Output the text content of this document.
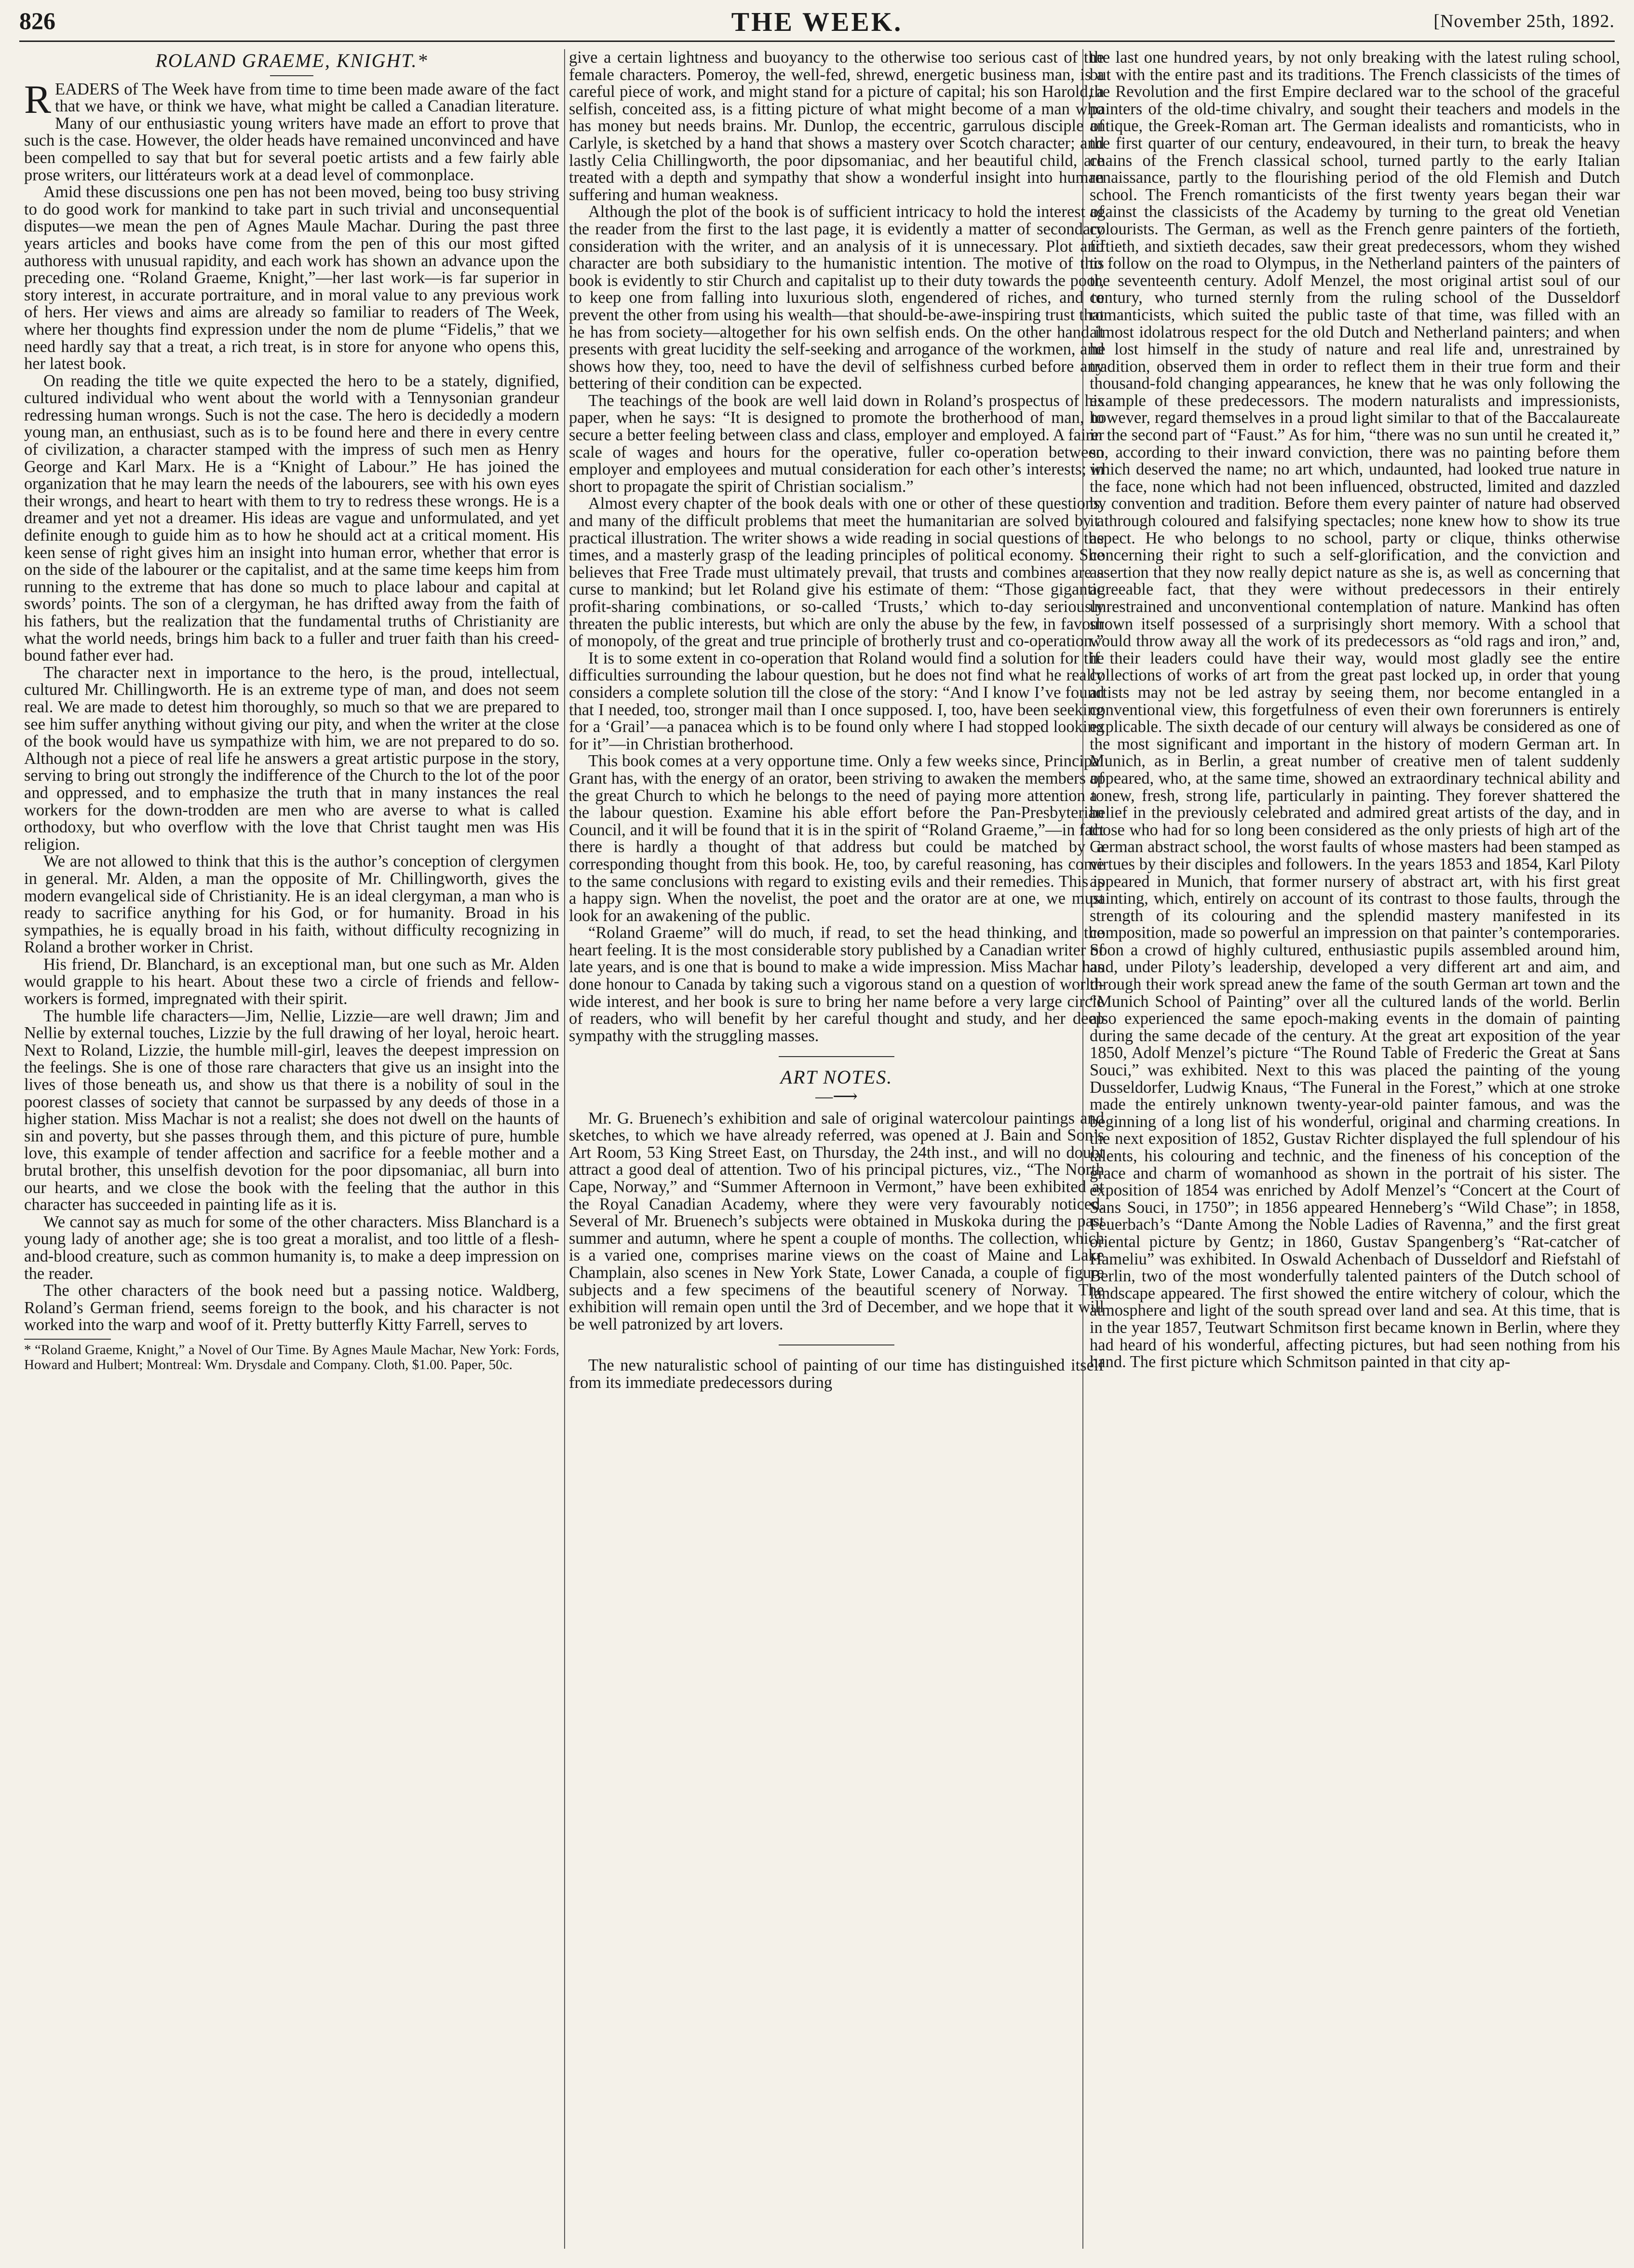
826	THE WEEK.	[November 25th, 1892.
ROLAND GRAEME, KNIGHT.*

READERS of The Week have from time to time been made aware of the fact that we have, or think we have, what might be called a Canadian literature. Many of our enthusiastic young writers have made an effort to prove that such is the case. However, the older heads have remained unconvinced and have been compelled to say that but for several poetic artists and a few fairly able prose writers, our littérateurs work at a dead level of commonplace.

Amid these discussions one pen has not been moved, being too busy striving to do good work for mankind to take part in such trivial and unconsequential disputes—we mean the pen of Agnes Maule Machar. During the past three years articles and books have come from the pen of this our most gifted authoress with unusual rapidity, and each work has shown an advance upon the preceding one. “Roland Graeme, Knight,”—her last work—is far superior in story interest, in accurate portraiture, and in moral value to any previous work of hers. Her views and aims are already so familiar to readers of The Week, where her thoughts find expression under the nom de plume “Fidelis,” that we need hardly say that a treat, a rich treat, is in store for anyone who opens this, her latest book.

On reading the title we quite expected the hero to be a stately, dignified, cultured individual who went about the world with a Tennysonian grandeur redressing human wrongs. Such is not the case. The hero is decidedly a modern young man, an enthusiast, such as is to be found here and there in every centre of civilization, a character stamped with the impress of such men as Henry George and Karl Marx. He is a “Knight of Labour.” He has joined the organization that he may learn the needs of the labourers, see with his own eyes their wrongs, and heart to heart with them to try to redress these wrongs. He is a dreamer and yet not a dreamer. His ideas are vague and unformulated, and yet definite enough to guide him as to how he should act at a critical moment. His keen sense of right gives him an insight into human error, whether that error is on the side of the labourer or the capitalist, and at the same time keeps him from running to the extreme that has done so much to place labour and capital at swords’ points. The son of a clergyman, he has drifted away from the faith of his fathers, but the realization that the fundamental truths of Christianity are what the world needs, brings him back to a fuller and truer faith than his creed-bound father ever had.

The character next in importance to the hero, is the proud, intellectual, cultured Mr. Chillingworth. He is an extreme type of man, and does not seem real. We are made to detest him thoroughly, so much so that we are prepared to see him suffer anything without giving our pity, and when the writer at the close of the book would have us sympathize with him, we are not prepared to do so. Although not a piece of real life he answers a great artistic purpose in the story, serving to bring out strongly the indifference of the Church to the lot of the poor and oppressed, and to emphasize the truth that in many instances the real workers for the down-trodden are men who are averse to what is called orthodoxy, but who overflow with the love that Christ taught men was His religion.

We are not allowed to think that this is the author’s conception of clergymen in general. Mr. Alden, a man the opposite of Mr. Chillingworth, gives the modern evangelical side of Christianity. He is an ideal clergyman, a man who is ready to sacrifice anything for his God, or for humanity. Broad in his sympathies, he is equally broad in his faith, without difficulty recognizing in Roland a brother worker in Christ.

His friend, Dr. Blanchard, is an exceptional man, but one such as Mr. Alden would grapple to his heart. About these two a circle of friends and fellow-workers is formed, impregnated with their spirit.

The humble life characters—Jim, Nellie, Lizzie—are well drawn; Jim and Nellie by external touches, Lizzie by the full drawing of her loyal, heroic heart. Next to Roland, Lizzie, the humble mill-girl, leaves the deepest impression on the feelings. She is one of those rare characters that give us an insight into the lives of those beneath us, and show us that there is a nobility of soul in the poorest classes of society that cannot be surpassed by any deeds of those in a higher station. Miss Machar is not a realist; she does not dwell on the haunts of sin and poverty, but she passes through them, and this picture of pure, humble love, this example of tender affection and sacrifice for a feeble mother and a brutal brother, this unselfish devotion for the poor dipsomaniac, all burn into our hearts, and we close the book with the feeling that the author in this character has succeeded in painting life as it is.

We cannot say as much for some of the other characters. Miss Blanchard is a young lady of another age; she is too great a moralist, and too little of a flesh-and-blood creature, such as common humanity is, to make a deep impression on the reader.

The other characters of the book need but a passing notice. Waldberg, Roland’s German friend, seems foreign to the book, and his character is not worked into the warp and woof of it. Pretty butterfly Kitty Farrell, serves to

* “Roland Graeme, Knight,” a Novel of Our Time. By Agnes Maule Machar, New York: Fords, Howard and Hulbert; Montreal: Wm. Drysdale and Company. Cloth, $1.00. Paper, 50c.

give a certain lightness and buoyancy to the otherwise too serious cast of the female characters. Pomeroy, the well-fed, shrewd, energetic business man, is a careful piece of work, and might stand for a picture of capital; his son Harold, a selfish, conceited ass, is a fitting picture of what might become of a man who has money but needs brains. Mr. Dunlop, the eccentric, garrulous disciple of Carlyle, is sketched by a hand that shows a mastery over Scotch character; and lastly Celia Chillingworth, the poor dipsomaniac, and her beautiful child, are treated with a depth and sympathy that show a wonderful insight into human suffering and human weakness.

Although the plot of the book is of sufficient intricacy to hold the interest of the reader from the first to the last page, it is evidently a matter of secondary consideration with the writer, and an analysis of it is unnecessary. Plot and character are both subsidiary to the humanistic intention. The motive of this book is evidently to stir Church and capitalist up to their duty towards the poor, to keep one from falling into luxurious sloth, engendered of riches, and to prevent the other from using his wealth—that should-be-awe-inspiring trust that he has from society—altogether for his own selfish ends. On the other hand it presents with great lucidity the self-seeking and arrogance of the workmen, and shows how they, too, need to have the devil of selfishness curbed before any bettering of their condition can be expected.

The teachings of the book are well laid down in Roland’s prospectus of his paper, when he says: “It is designed to promote the brotherhood of man, to secure a better feeling between class and class, employer and employed. A fairer scale of wages and hours for the operative, fuller co-operation between employer and employees and mutual consideration for each other’s interests; in short to propagate the spirit of Christian socialism.”

Almost every chapter of the book deals with one or other of these questions, and many of the difficult problems that meet the humanitarian are solved by a practical illustration. The writer shows a wide reading in social questions of the times, and a masterly grasp of the leading principles of political economy. She believes that Free Trade must ultimately prevail, that trusts and combines are a curse to mankind; but let Roland give his estimate of them: “Those gigantic profit-sharing combinations, or so-called ‘Trusts,’ which to-day seriously threaten the public interests, but which are only the abuse by the few, in favour of monopoly, of the great and true principle of brotherly trust and co-operation.”

It is to some extent in co-operation that Roland would find a solution for the difficulties surrounding the labour question, but he does not find what he really considers a complete solution till the close of the story: “And I know I’ve found that I needed, too, stronger mail than I once supposed. I, too, have been seeking for a ‘Grail’—a panacea which is to be found only where I had stopped looking for it”—in Christian brotherhood.

This book comes at a very opportune time. Only a few weeks since, Principal Grant has, with the energy of an orator, been striving to awaken the members of the great Church to which he belongs to the need of paying more attention to the labour question. Examine his able effort before the Pan-Presbyterian Council, and it will be found that it is in the spirit of “Roland Graeme,”—in fact there is hardly a thought of that address but could be matched by a corresponding thought from this book. He, too, by careful reasoning, has come to the same conclusions with regard to existing evils and their remedies. This is a happy sign. When the novelist, the poet and the orator are at one, we must look for an awakening of the public.

“Roland Graeme” will do much, if read, to set the head thinking, and the heart feeling. It is the most considerable story published by a Canadian writer of late years, and is one that is bound to make a wide impression. Miss Machar has done honour to Canada by taking such a vigorous stand on a question of world-wide interest, and her book is sure to bring her name before a very large circle of readers, who will benefit by her careful thought and study, and her deep sympathy with the struggling masses.

ART NOTES.
—⟶

Mr. G. Bruenech’s exhibition and sale of original watercolour paintings and sketches, to which we have already referred, was opened at J. Bain and Son’s Art Room, 53 King Street East, on Thursday, the 24th inst., and will no doubt attract a good deal of attention. Two of his principal pictures, viz., “The North Cape, Norway,” and “Summer Afternoon in Vermont,” have been exhibited at the Royal Canadian Academy, where they were very favourably noticed. Several of Mr. Bruenech’s subjects were obtained in Muskoka during the past summer and autumn, where he spent a couple of months. The collection, which is a varied one, comprises marine views on the coast of Maine and Lake Champlain, also scenes in New York State, Lower Canada, a couple of figure subjects and a few specimens of the beautiful scenery of Norway. The exhibition will remain open until the 3rd of December, and we hope that it will be well patronized by art lovers.

The new naturalistic school of painting of our time has distinguished itself from its immediate predecessors during

the last one hundred years, by not only breaking with the latest ruling school, but with the entire past and its traditions. The French classicists of the times of the Revolution and the first Empire declared war to the school of the graceful painters of the old-time chivalry, and sought their teachers and models in the antique, the Greek-Roman art. The German idealists and romanticists, who in the first quarter of our century, endeavoured, in their turn, to break the heavy chains of the French classical school, turned partly to the early Italian renaissance, partly to the flourishing period of the old Flemish and Dutch school. The French romanticists of the first twenty years began their war against the classicists of the Academy by turning to the great old Venetian colourists. The German, as well as the French genre painters of the fortieth, fiftieth, and sixtieth decades, saw their great predecessors, whom they wished to follow on the road to Olympus, in the Netherland painters of the painters of the seventeenth century. Adolf Menzel, the most original artist soul of our century, who turned sternly from the ruling school of the Dusseldorf romanticists, which suited the public taste of that time, was filled with an almost idolatrous respect for the old Dutch and Netherland painters; and when he lost himself in the study of nature and real life and, unrestrained by tradition, observed them in order to reflect them in their true form and their thousand-fold changing appearances, he knew that he was only following the example of these predecessors. The modern naturalists and impressionists, however, regard themselves in a proud light similar to that of the Baccalaureate in the second part of “Faust.” As for him, “there was no sun until he created it,” so, according to their inward conviction, there was no painting before them which deserved the name; no art which, undaunted, had looked true nature in the face, none which had not been influenced, obstructed, limited and dazzled by convention and tradition. Before them every painter of nature had observed it through coloured and falsifying spectacles; none knew how to show its true aspect. He who belongs to no school, party or clique, thinks otherwise concerning their right to such a self-glorification, and the conviction and assertion that they now really depict nature as she is, as well as concerning that agreeable fact, that they were without predecessors in their entirely unrestrained and unconventional contemplation of nature. Mankind has often shown itself possessed of a surprisingly short memory. With a school that would throw away all the work of its predecessors as “old rags and iron,” and, if their leaders could have their way, would most gladly see the entire collections of works of art from the great past locked up, in order that young artists may not be led astray by seeing them, nor become entangled in a conventional view, this forgetfulness of even their own forerunners is entirely explicable. The sixth decade of our century will always be considered as one of the most significant and important in the history of modern German art. In Munich, as in Berlin, a great number of creative men of talent suddenly appeared, who, at the same time, showed an extraordinary technical ability and a new, fresh, strong life, particularly in painting. They forever shattered the belief in the previously celebrated and admired great artists of the day, and in those who had for so long been considered as the only priests of high art of the German abstract school, the worst faults of whose masters had been stamped as virtues by their disciples and followers. In the years 1853 and 1854, Karl Piloty appeared in Munich, that former nursery of abstract art, with his first great painting, which, entirely on account of its contrast to those faults, through the strength of its colouring and the splendid mastery manifested in its composition, made so powerful an impression on that painter’s contemporaries. Soon a crowd of highly cultured, enthusiastic pupils assembled around him, and, under Piloty’s leadership, developed a very different art and aim, and through their work spread anew the fame of the south German art town and the “Munich School of Painting” over all the cultured lands of the world. Berlin also experienced the same epoch-making events in the domain of painting during the same decade of the century. At the great art exposition of the year 1850, Adolf Menzel’s picture “The Round Table of Frederic the Great at Sans Souci,” was exhibited. Next to this was placed the painting of the young Dusseldorfer, Ludwig Knaus, “The Funeral in the Forest,” which at one stroke made the entirely unknown twenty-year-old painter famous, and was the beginning of a long list of his wonderful, original and charming creations. In the next exposition of 1852, Gustav Richter displayed the full splendour of his talents, his colouring and technic, and the fineness of his conception of the grace and charm of womanhood as shown in the portrait of his sister. The exposition of 1854 was enriched by Adolf Menzel’s “Concert at the Court of Sans Souci, in 1750”; in 1856 appeared Henneberg’s “Wild Chase”; in 1858, Feuerbach’s “Dante Among the Noble Ladies of Ravenna,” and the first great oriental picture by Gentz; in 1860, Gustav Spangenberg’s “Rat-catcher of Hameliu” was exhibited. In Oswald Achenbach of Dusseldorf and Riefstahl of Berlin, two of the most wonderfully talented painters of the Dutch school of landscape appeared. The first showed the entire witchery of colour, which the atmosphere and light of the south spread over land and sea. At this time, that is in the year 1857, Teutwart Schmitson first became known in Berlin, where they had heard of his wonderful, affecting pictures, but had seen nothing from his hand. The first picture which Schmitson painted in that city ap-
